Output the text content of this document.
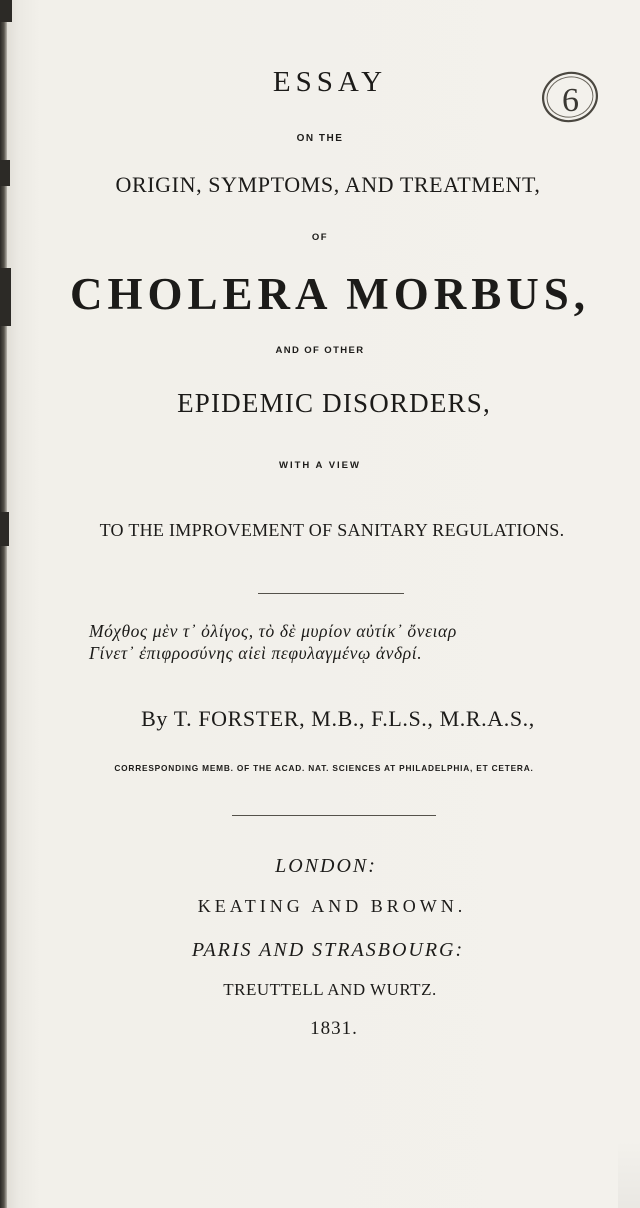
6
ESSAY
ON THE
ORIGIN, SYMPTOMS, AND TREATMENT,
OF
CHOLERA MORBUS,
AND OF OTHER
EPIDEMIC DISORDERS,
WITH A VIEW
TO THE IMPROVEMENT OF SANITARY REGULATIONS.
Μόχθος μὲν τ᾽ ὀλίγος, τὸ δὲ μυρίον αὐτίκ᾽ ὄνειαρ
Γίνετ᾽ ἐπιφροσύνης αἰεὶ πεφυλαγμένῳ ἀνδρί.
By T. FORSTER, M.B., F.L.S., M.R.A.S.,
CORRESPONDING MEMB. OF THE ACAD. NAT. SCIENCES AT PHILADELPHIA, ET CETERA.
LONDON:
KEATING AND BROWN.
PARIS AND STRASBOURG:
TREUTTELL AND WURTZ.
1831.
